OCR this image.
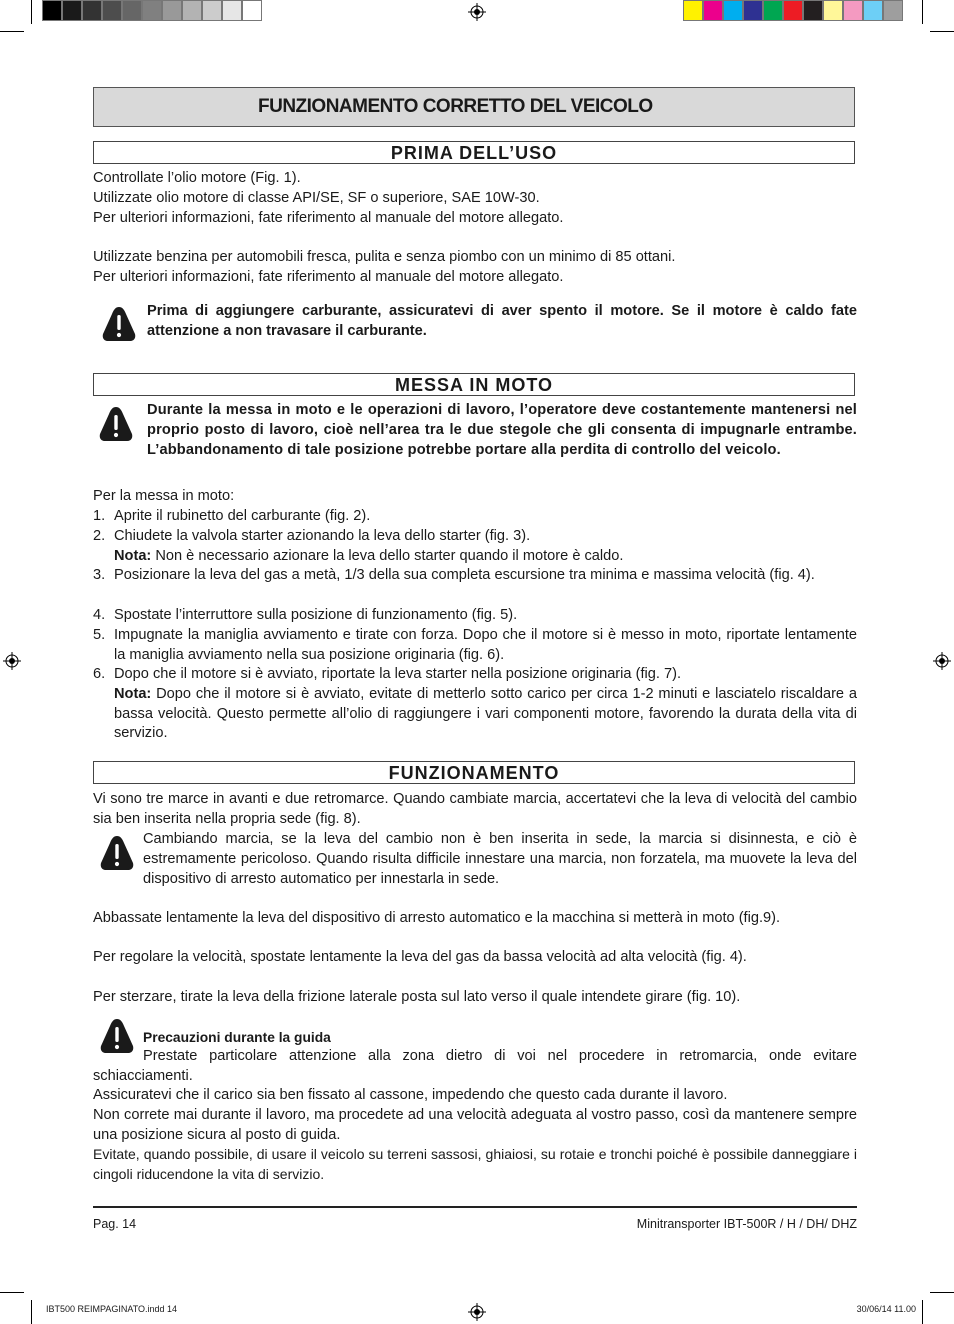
FUNZIONAMENTO CORRETTO DEL VEICOLO
PRIMA DELL’USO

Controllate l’olio motore (Fig. 1).

Utilizzate olio motore di classe API/SE, SF o superiore, SAE 10W-30.

Per ulteriori informazioni, fate riferimento al manuale del motore allegato.

Utilizzate benzina per automobili fresca, pulita e senza piombo con un minimo di 85 ottani.

Per ulteriori informazioni, fate riferimento al manuale del motore allegato.

Prima di aggiungere carburante, assicuratevi di aver spento il motore. Se il motore è caldo fate attenzione a non travasare il carburante.

MESSA IN MOTO

Durante la messa in moto e le operazioni di lavoro, l’operatore deve costantemente mantenersi nel proprio posto di lavoro, cioè nell’area tra le due stegole che gli consenta di impugnarle entrambe. L’abbandonamento di tale posizione potrebbe portare alla perdita di controllo del veicolo.

Per la messa in moto:

1. Aprite il rubinetto del carburante (fig. 2).
2. Chiudete la valvola starter azionando la leva dello starter (fig. 3).
Nota: Non è necessario azionare la leva dello starter quando il motore è caldo.
3. Posizionare la leva del gas a metà, 1/3 della sua completa escursione tra minima e massima velocità (fig. 4).
4. Spostate l’interruttore sulla posizione di funzionamento (fig. 5).
5. Impugnate la maniglia avviamento e tirate con forza. Dopo che il motore si è messo in moto, riportate lentamente la maniglia avviamento nella sua posizione originaria (fig. 6).
6. Dopo che il motore si è avviato, riportate la leva starter nella posizione originaria (fig. 7).
Nota: Dopo che il motore si è avviato, evitate di metterlo sotto carico per circa 1-2 minuti e lasciatelo riscaldare a bassa velocità. Questo permette all’olio di raggiungere i vari componenti motore, favorendo la durata della vita di servizio.
FUNZIONAMENTO

Vi sono tre marce in avanti e due retromarce. Quando cambiate marcia, accertatevi che la leva di velocità del cambio sia ben inserita nella propria sede (fig. 8).

Cambiando marcia, se la leva del cambio non è ben inserita in sede, la marcia si disinnesta, e ciò è estremamente pericoloso. Quando risulta difficile innestare una marcia, non forzatela, ma muovete la leva del dispositivo di arresto automatico per innestarla in sede.

Abbassate lentamente la leva del dispositivo di arresto automatico e la macchina si metterà in moto (fig.9).

Per regolare la velocità, spostate lentamente la leva del gas da bassa velocità ad alta velocità (fig. 4).

Per sterzare, tirate la leva della frizione laterale posta sul lato verso il quale intendete girare (fig. 10).

Precauzioni durante la guida

Prestate particolare attenzione alla zona dietro di voi nel procedere in retromarcia, onde evitare schiacciamenti.

Assicuratevi che il carico sia ben fissato al cassone, impedendo che questo cada durante il lavoro.

Non correte mai durante il lavoro, ma procedete ad una velocità adeguata al vostro passo, così da mantenere sempre una posizione sicura al posto di guida.

Evitate, quando possibile, di usare il veicolo su terreni sassosi, ghiaiosi, su rotaie e tronchi poiché è possibile danneggiare i cingoli riducendone la vita di servizio.

Pag. 14	Minitransporter IBT-500R / H / DH/ DHZ
IBT500 REIMPAGINATO.indd 14	30/06/14 11.00
